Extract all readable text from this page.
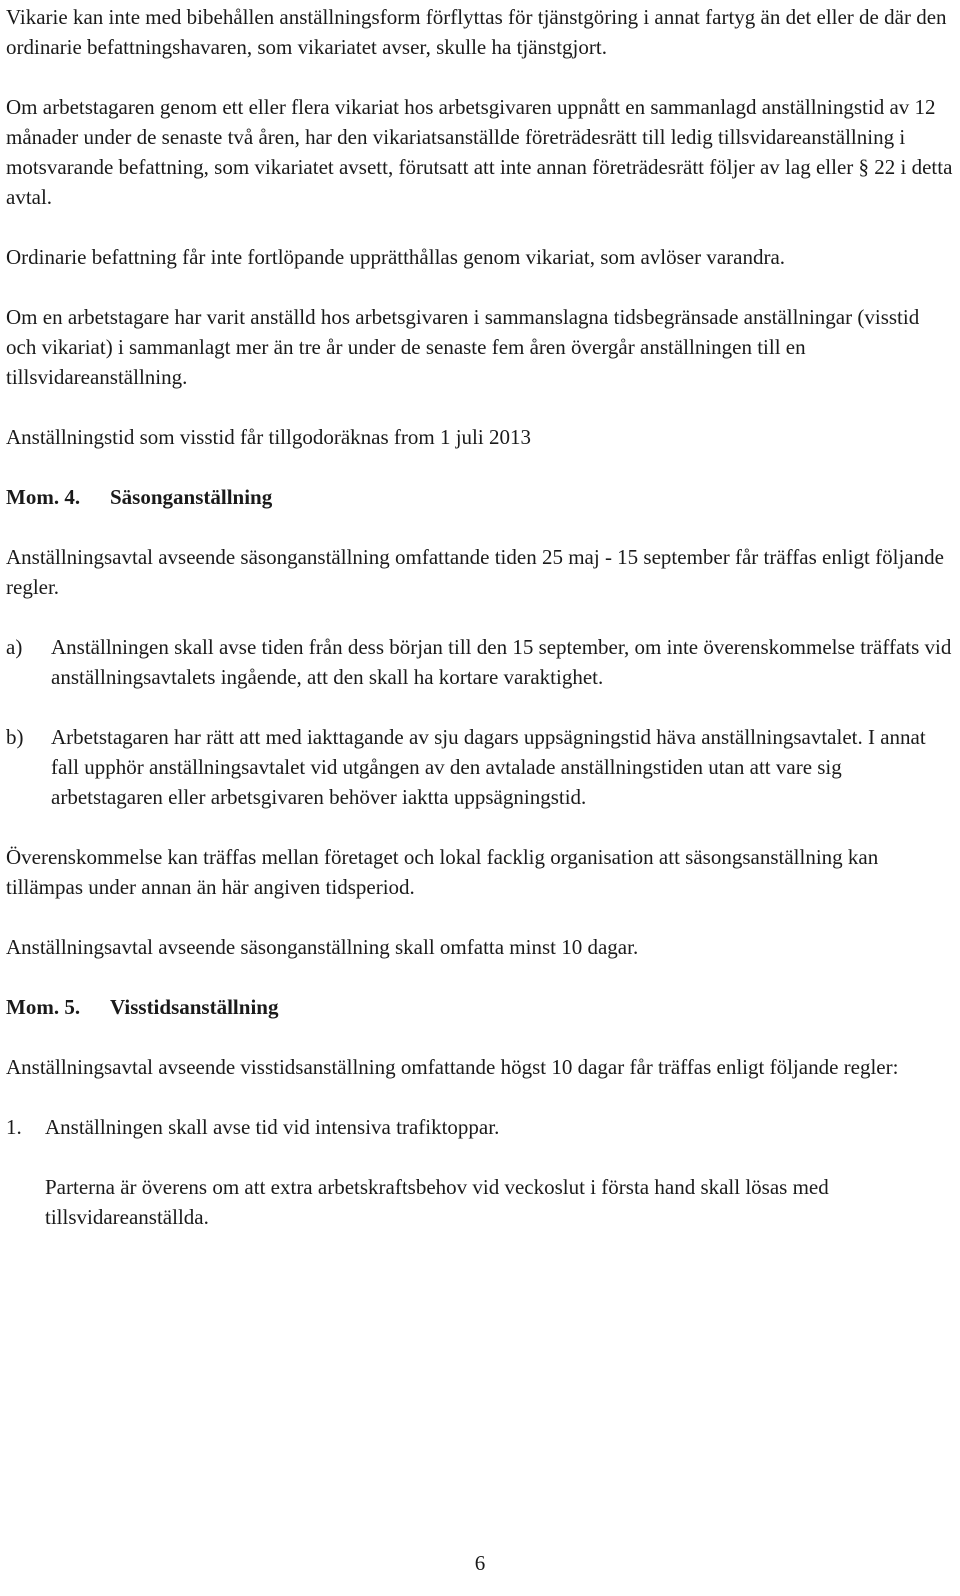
Vikarie kan inte med bibehållen anställningsform förflyttas för tjänstgöring i annat fartyg än det eller de där den ordinarie befattningshavaren, som vikariatet avser, skulle ha tjänstgjort.

Om arbetstagaren genom ett eller flera vikariat hos arbetsgivaren uppnått en sammanlagd anställningstid av 12 månader under de senaste två åren, har den vikariatsanställde företrädesrätt till ledig tillsvidareanställning i motsvarande befattning, som vikariatet avsett, förutsatt att inte annan företrädesrätt följer av lag eller § 22 i detta avtal.

Ordinarie befattning får inte fortlöpande upprätthållas genom vikariat, som avlöser varandra.

Om en arbetstagare har varit anställd hos arbetsgivaren i sammanslagna tidsbegränsade anställningar (visstid och vikariat) i sammanlagt mer än tre år under de senaste fem åren övergår anställningen till en tillsvidareanställning.

Anställningstid som visstid får tillgodoräknas from 1 juli 2013

Mom. 4. Säsonganställning

Anställningsavtal avseende säsonganställning omfattande tiden 25 maj - 15 september får träffas enligt följande regler.

a)	Anställningen skall avse tiden från dess början till den 15 september, om inte överenskommelse träffats vid anställningsavtalets ingående, att den skall ha kortare varaktighet.
b)	Arbetstagaren har rätt att med iakttagande av sju dagars uppsägningstid häva anställningsavtalet. I annat fall upphör anställningsavtalet vid utgången av den avtalade anställningstiden utan att vare sig arbetstagaren eller arbetsgivaren behöver iaktta uppsägningstid.

Överenskommelse kan träffas mellan företaget och lokal facklig organisation att säsongsanställning kan tillämpas under annan än här angiven tidsperiod.

Anställningsavtal avseende säsonganställning skall omfatta minst 10 dagar.

Mom. 5. Visstidsanställning

Anställningsavtal avseende visstidsanställning omfattande högst 10 dagar får träffas enligt följande regler:

1.	Anställningen skall avse tid vid intensiva trafiktoppar.

Parterna är överens om att extra arbetskraftsbehov vid veckoslut i första hand skall lösas med tillsvidareanställda.

6
